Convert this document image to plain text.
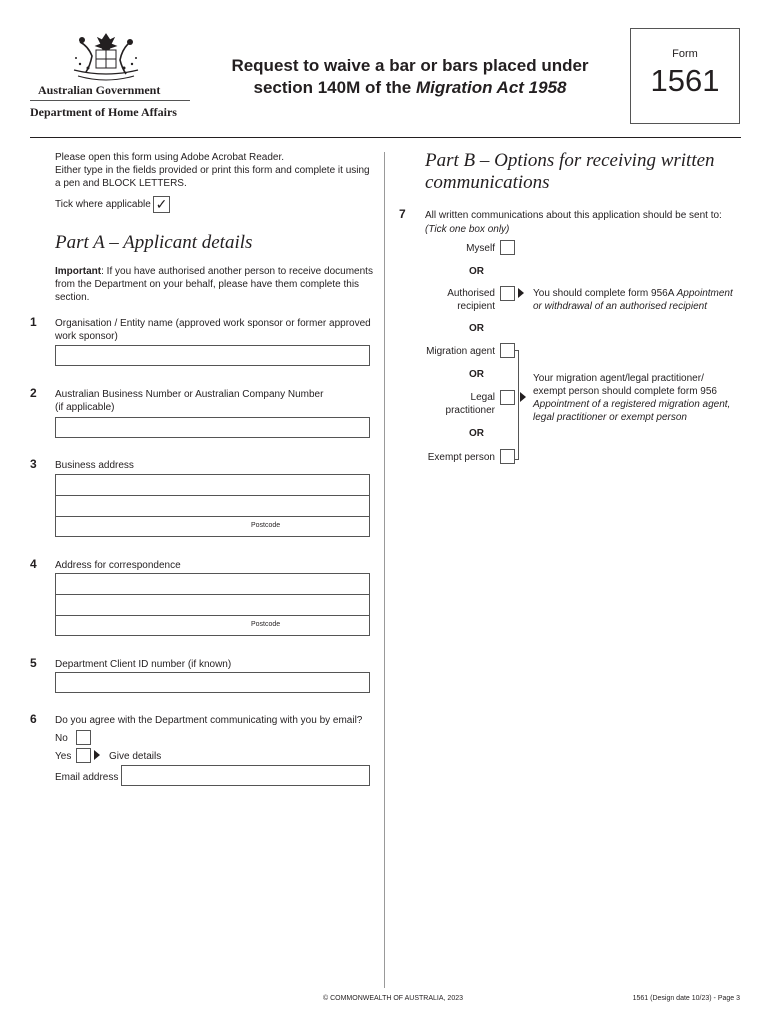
Australian Government
Department of Home Affairs
Request to waive a bar or bars placed under
section 140M of the Migration Act 1958
Form
1561
Please open this form using Adobe Acrobat Reader.
Either type in the fields provided or print this form and complete it using
a pen and BLOCK LETTERS.
Tick where applicable ✓
Part A – Applicant details
Important: If you have authorised another person to receive documents
from the Department on your behalf, please have them complete this
section.
1 Organisation / Entity name (approved work sponsor or former approved
work sponsor)
2 Australian Business Number or Australian Company Number
(if applicable)
3 Business address
Postcode
4 Address for correspondence
Postcode
5 Department Client ID number (if known)
6 Do you agree with the Department communicating with you by email?
No
Yes	Give details
Email address
Part B – Options for receiving written
communications
7 All written communications about this application should be sent to:
(Tick one box only)
Myself
OR
Authorised
recipient
You should complete form 956A Appointment
or withdrawal of an authorised recipient
OR
Migration agent
OR
Legal
practitioner
OR
Exempt person
Your migration agent/legal practitioner/
exempt person should complete form 956
Appointment of a registered migration agent,
legal practitioner or exempt person
© COMMONWEALTH OF AUSTRALIA, 2023	1561 (Design date 10/23) - Page 3
